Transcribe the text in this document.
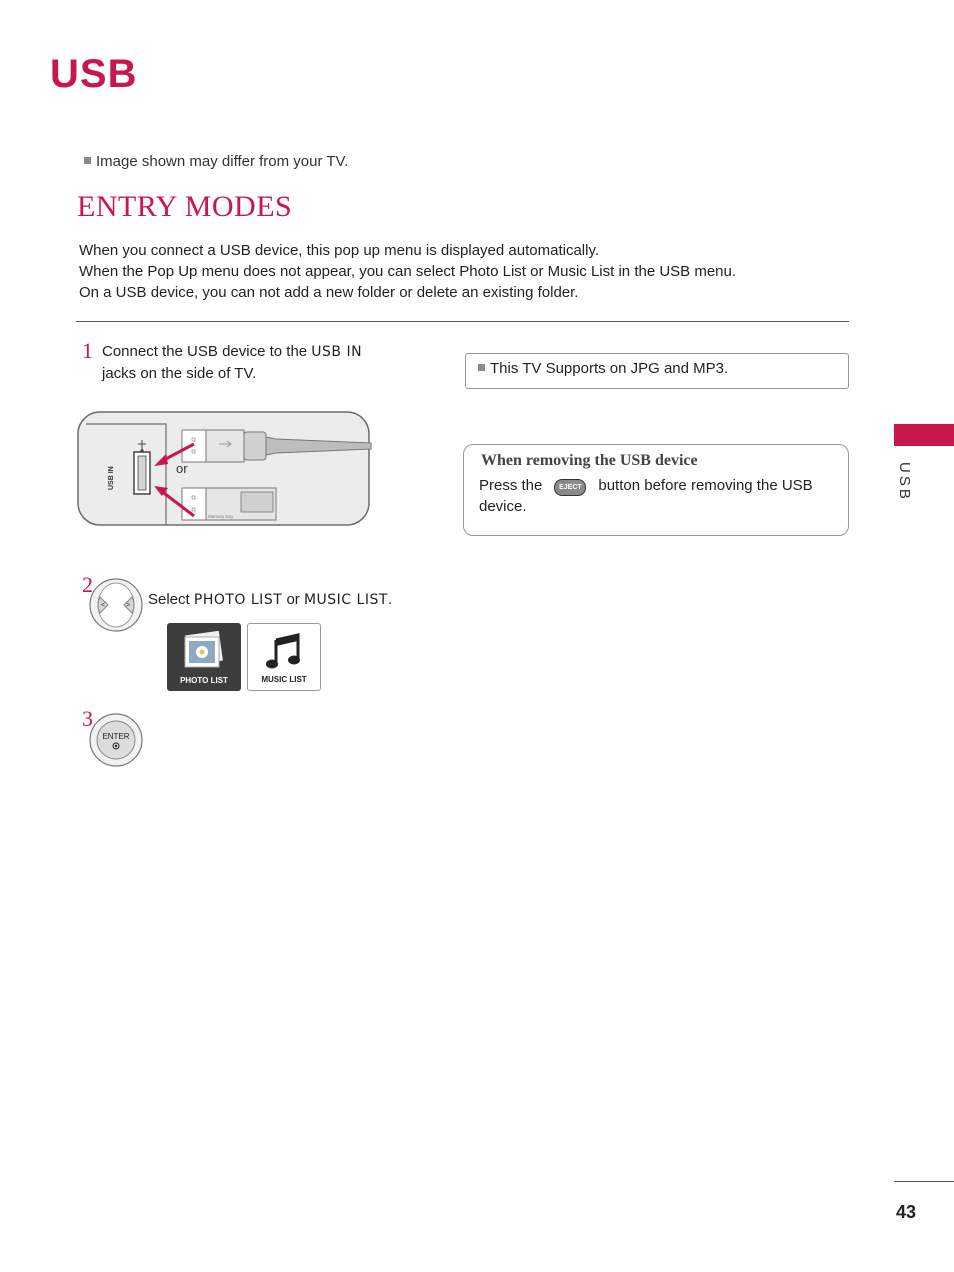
USB
Image shown may differ from your TV.
ENTRY MODES
When you connect a USB device, this pop up menu is displayed automatically.
When the Pop Up menu does not appear, you can select Photo List or Music List in the USB menu.
On a USB device, you can not add a new folder or delete an existing folder.
1 Connect the USB device to the USB IN
jacks on the side of TV.
USB IN
Memory Key
or
This TV Supports on JPG and MP3.
When removing the USB device
Press the EJECT button before removing the USB device.
USB
2
<	> Select PHOTO LIST or MUSIC LIST.
PHOTO LIST	MUSIC LIST
3
ENTER
43
